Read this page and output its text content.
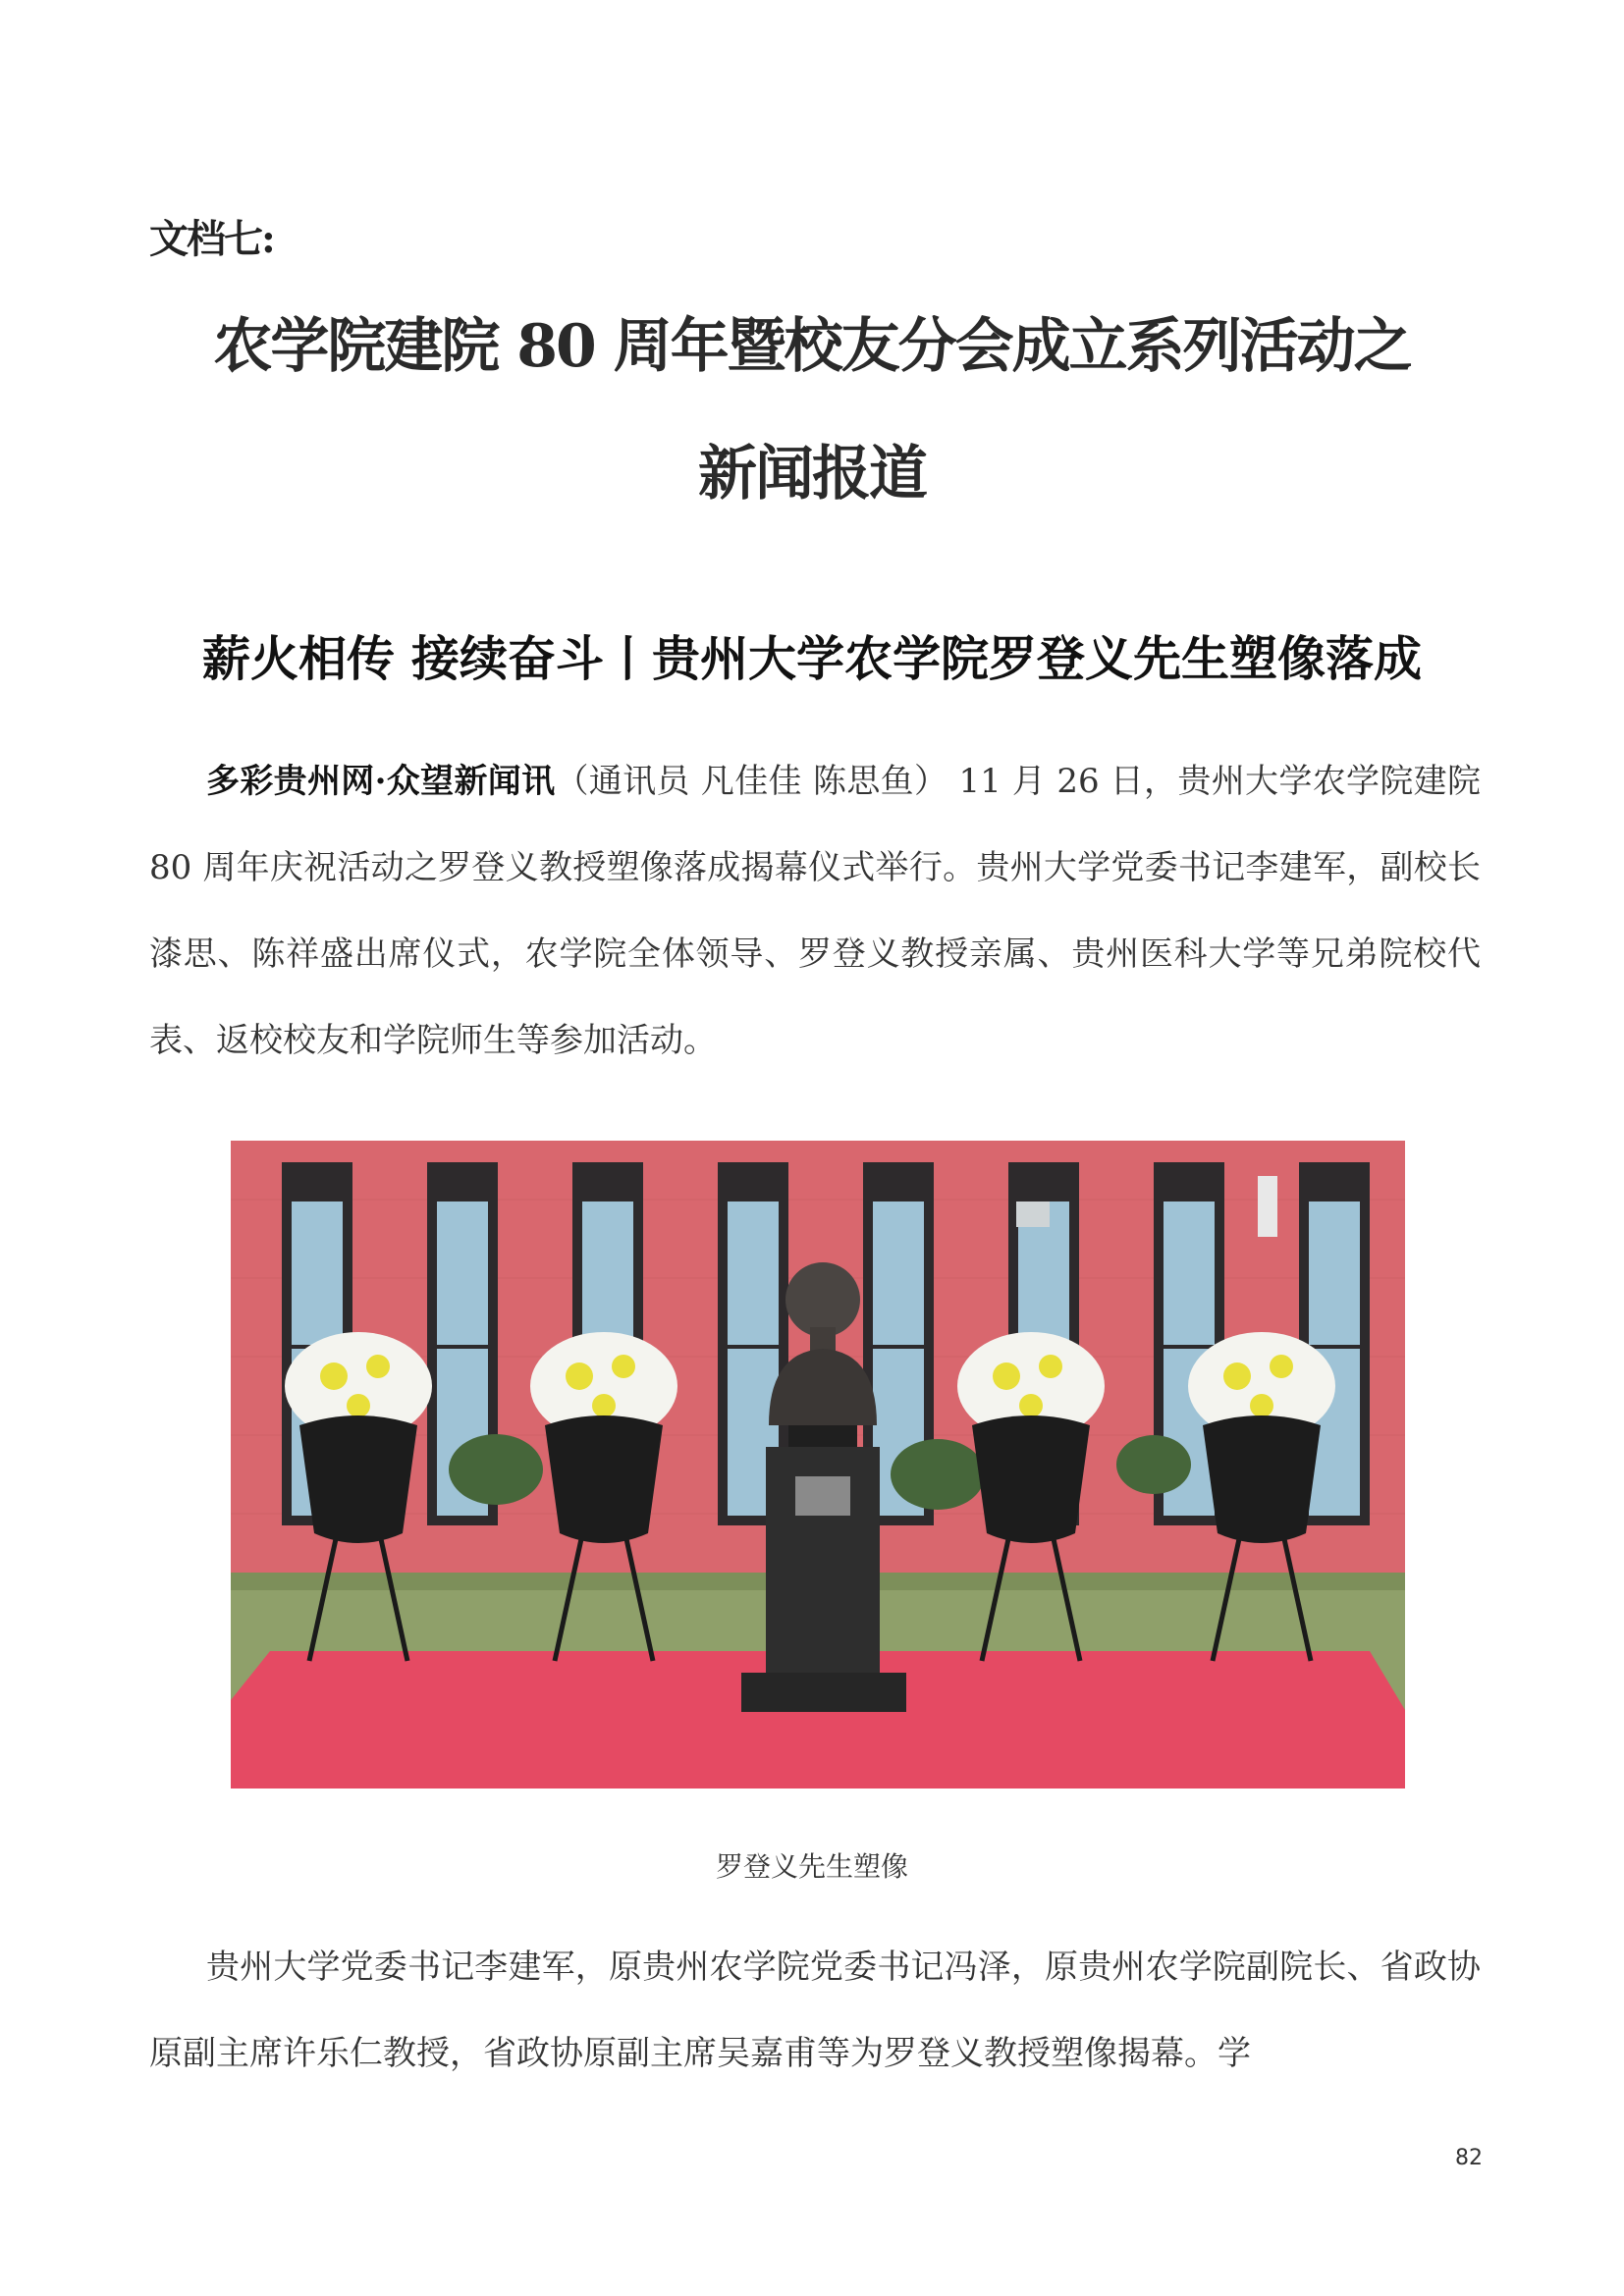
文档七:
农学院建院 80 周年暨校友分会成立系列活动之
新闻报道
薪火相传 接续奋斗丨贵州大学农学院罗登义先生塑像落成

多彩贵州网·众望新闻讯（通讯员 凡佳佳 陈思鱼） 11 月 26 日，贵州大学农学院建院 80 周年庆祝活动之罗登义教授塑像落成揭幕仪式举行。贵州大学党委书记李建军，副校长漆思、陈祥盛出席仪式，农学院全体领导、罗登义教授亲属、贵州医科大学等兄弟院校代表、返校校友和学院师生等参加活动。

罗登义先生塑像

贵州大学党委书记李建军，原贵州农学院党委书记冯泽，原贵州农学院副院长、省政协原副主席许乐仁教授，省政协原副主席吴嘉甫等为罗登义教授塑像揭幕。学

82
